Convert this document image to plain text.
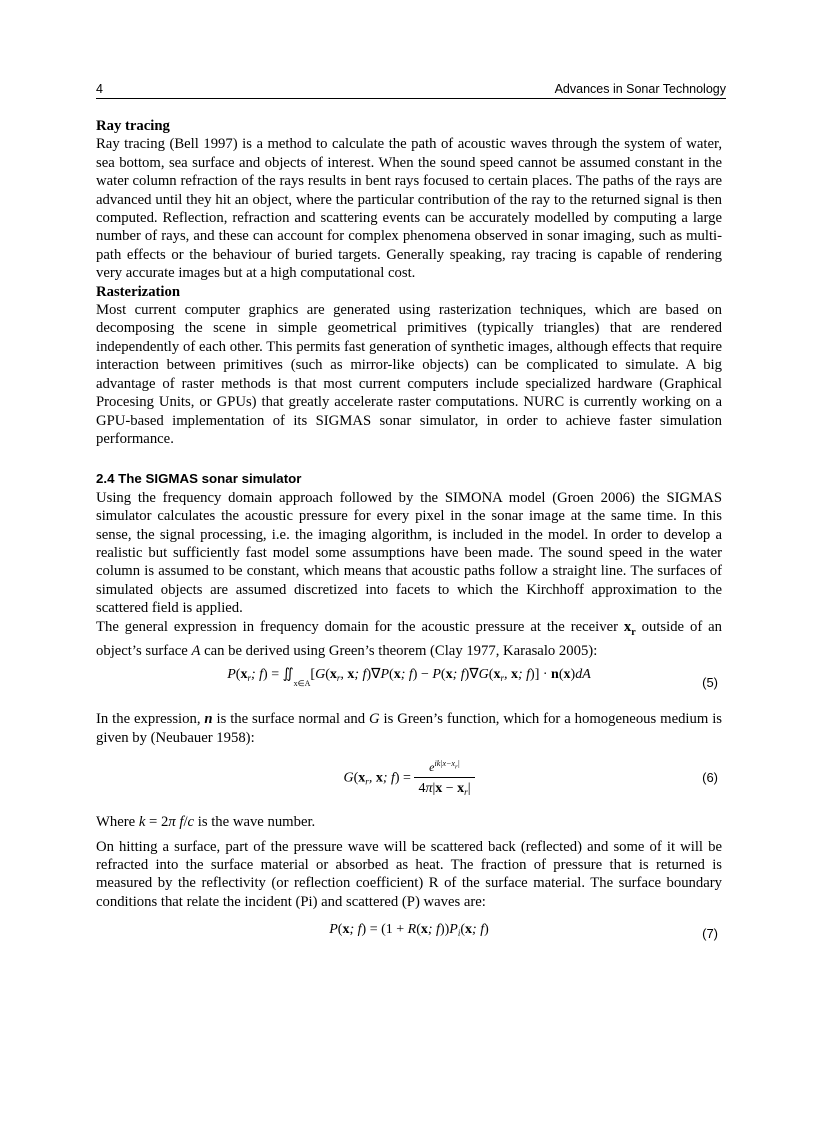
4	Advances in Sonar Technology
Ray tracing

Ray tracing (Bell 1997) is a method to calculate the path of acoustic waves through the system of water, sea bottom, sea surface and objects of interest. When the sound speed cannot be assumed constant in the water column refraction of the rays results in bent rays focused to certain places. The paths of the rays are advanced until they hit an object, where the particular contribution of the ray to the returned signal is then computed. Reflection, refraction and scattering events can be accurately modelled by computing a large number of rays, and these can account for complex phenomena observed in sonar imaging, such as multi-path effects or the behaviour of buried targets. Generally speaking, ray tracing is capable of rendering very accurate images but at a high computational cost.

Rasterization

Most current computer graphics are generated using rasterization techniques, which are based on decomposing the scene in simple geometrical primitives (typically triangles) that are rendered independently of each other. This permits fast generation of synthetic images, although effects that require interaction between primitives (such as mirror-like objects) can be complicated to simulate. A big advantage of raster methods is that most current computers include specialized hardware (Graphical Procesing Units, or GPUs) that greatly accelerate raster computations. NURC is currently working on a GPU-based implementation of its SIGMAS sonar simulator, in order to achieve faster simulation performance.

2.4 The SIGMAS sonar simulator

Using the frequency domain approach followed by the SIMONA model (Groen 2006) the SIGMAS simulator calculates the acoustic pressure for every pixel in the sonar image at the same time. In this sense, the signal processing, i.e. the imaging algorithm, is included in the model. In order to develop a realistic but sufficiently fast model some assumptions have been made. The sound speed in the water column is assumed to be constant, which means that acoustic paths follow a straight line. The surfaces of simulated objects are assumed discretized into facets to which the Kirchhoff approximation to the scattered field is applied.

The general expression in frequency domain for the acoustic pressure at the receiver $x_r$ outside of an object’s surface A can be derived using Green’s theorem (Clay 1977, Karasalo 2005):

$P(x_r$; $f) = ∬_{x\in A}[G(x_r$, x; f)∇P(x; f) − P(x; $f)\nabla G(x_r$, x; f)] · n(x)dA
(5)

In the expression, n is the surface normal and G is Green’s function, which for a homogeneous medium is given by (Neubauer 1958):

$G(x_r$, x; $f) = \frac{e^{ik|x-x_r|}}{4\pi|x - x_r|}$	(6)

Where k = 2π f/c is the wave number.

On hitting a surface, part of the pressure wave will be scattered back (reflected) and some of it will be refracted into the surface material or absorbed as heat. The fraction of pressure that is returned is measured by the reflectivity (or reflection coefficient) R of the surface material. The surface boundary conditions that relate the incident (Pi) and scattered (P) waves are:

P(x; f) = (1 + R(x; $f))P_i(x$; f)	(7)
